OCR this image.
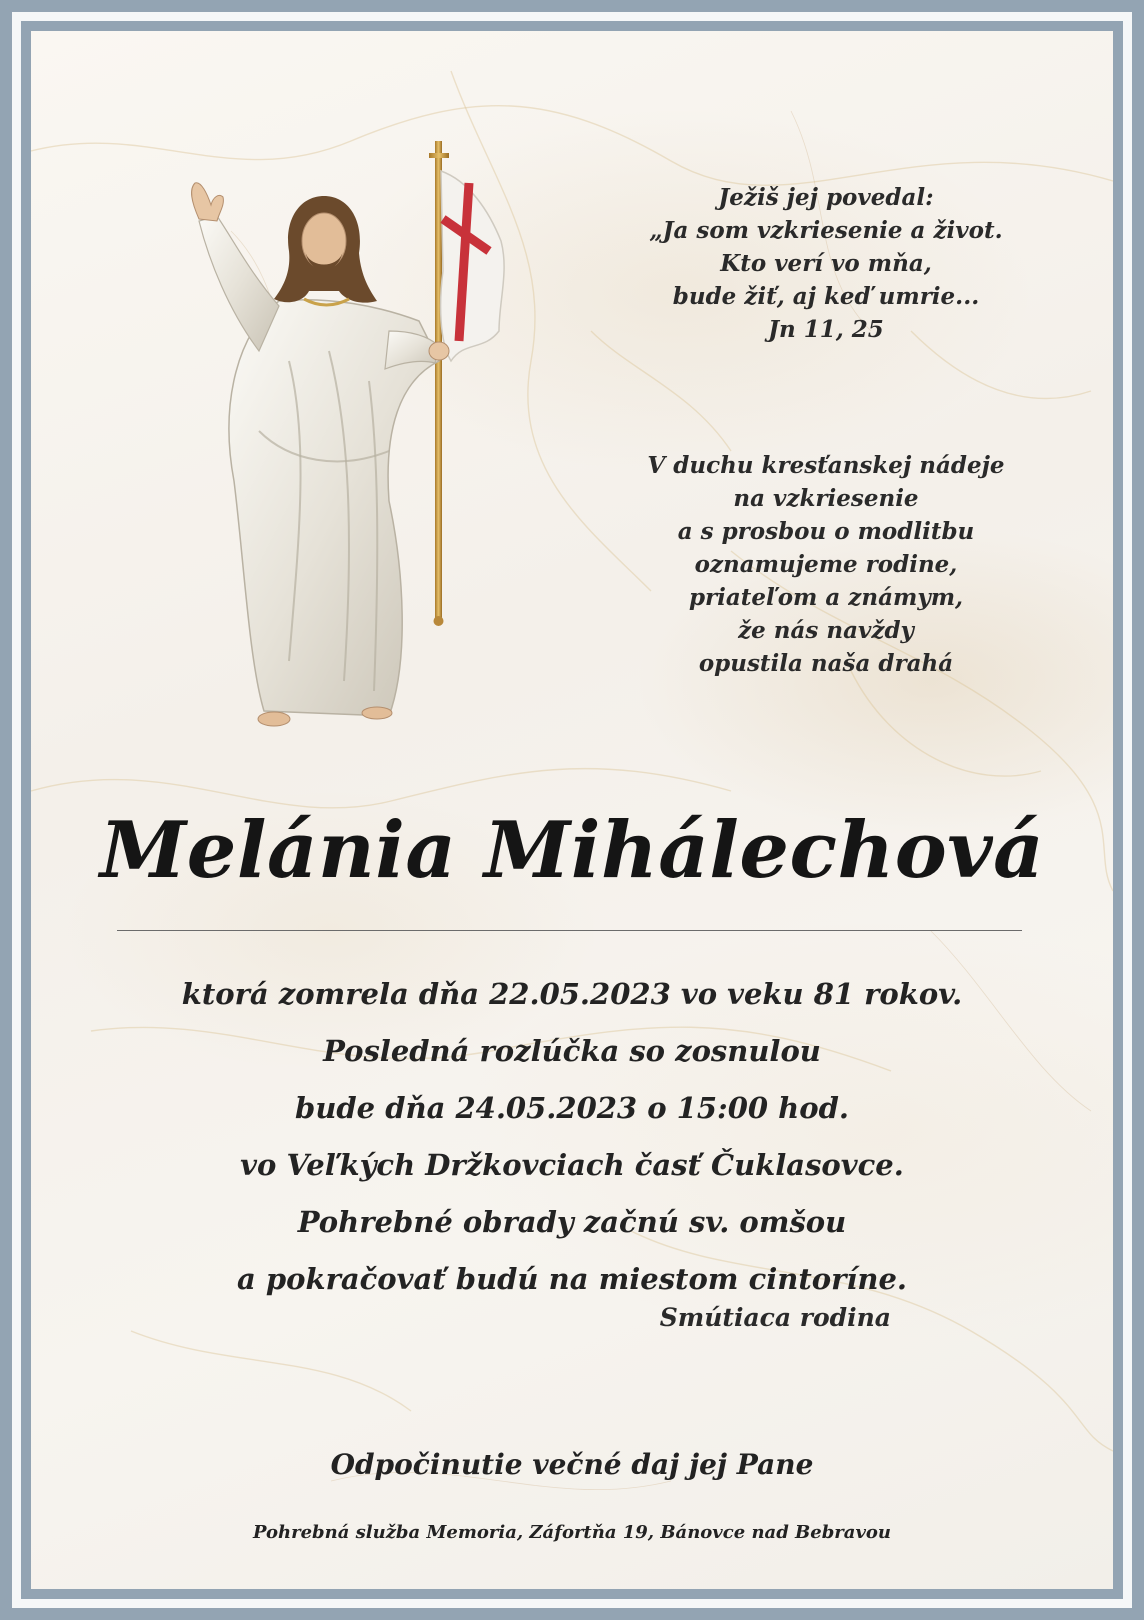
Ježiš jej povedal:
„Ja som vzkriesenie a život.
Kto verí vo mňa,
bude žiť, aj keď umrie...
Jn 11, 25
V duchu kresťanskej nádeje
na vzkriesenie
a s prosbou o modlitbu
oznamujeme rodine,
priateľom a známym,
že nás navždy
opustila naša drahá
Melánia Mihálechová
ktorá zomrela dňa 22.05.2023 vo veku 81 rokov.
Posledná rozlúčka so zosnulou
bude dňa 24.05.2023 o 15:00 hod.
vo Veľkých Držkovciach časť Čuklasovce.
Pohrebné obrady začnú sv. omšou
a pokračovať budú na miestom cintoríne.
Smútiaca rodina
Odpočinutie večné daj jej Pane
Pohrebná služba Memoria, Záfortňa 19, Bánovce nad Bebravou
